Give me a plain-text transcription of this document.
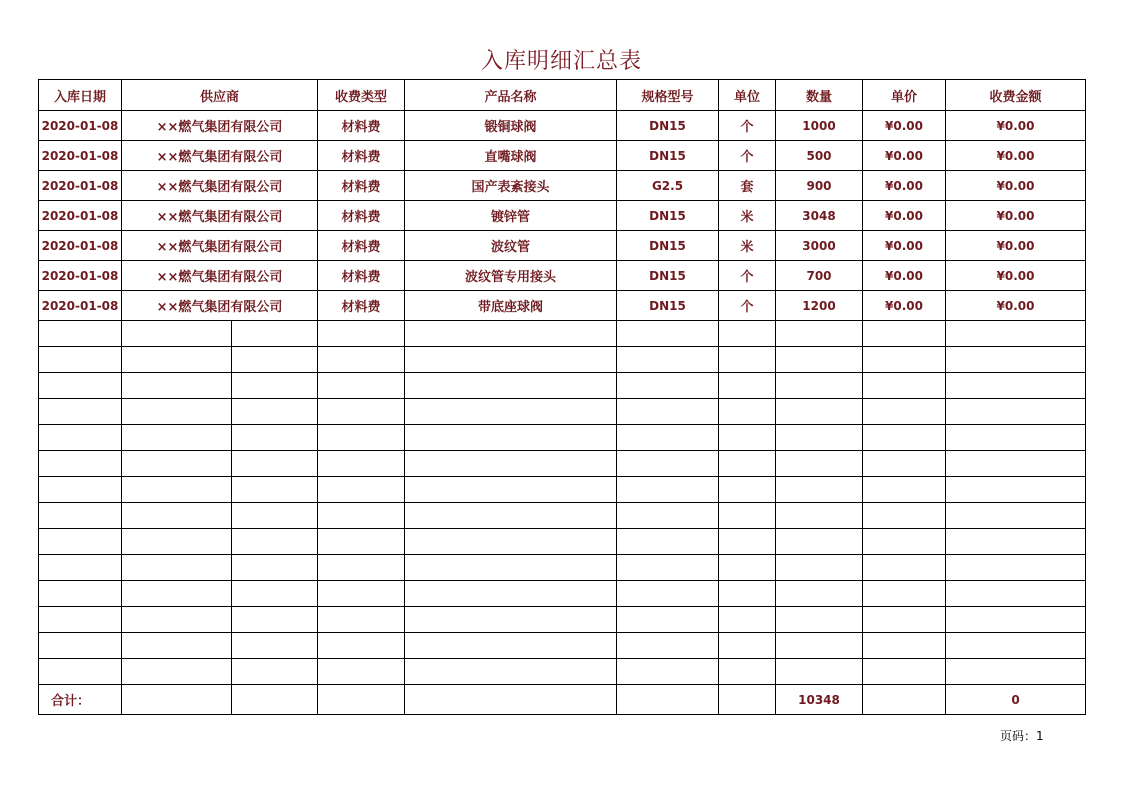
入库明细汇总表
入库日期	供应商		收费类型	产品名称	规格型号	单位	数量	单价	收费金额
2020-01-08	××燃气集团有限公司		材料费	锻铜球阀	DN15	个	1000	¥0.00	¥0.00
2020-01-08	××燃气集团有限公司		材料费	直嘴球阀	DN15	个	500	¥0.00	¥0.00
2020-01-08	××燃气集团有限公司		材料费	国产表紊接头	G2.5	套	900	¥0.00	¥0.00
2020-01-08	××燃气集团有限公司		材料费	镀锌管	DN15	米	3048	¥0.00	¥0.00
2020-01-08	××燃气集团有限公司		材料费	波纹管	DN15	米	3000	¥0.00	¥0.00
2020-01-08	××燃气集团有限公司		材料费	波纹管专用接头	DN15	个	700	¥0.00	¥0.00
2020-01-08	××燃气集团有限公司		材料费	带底座球阀	DN15	个	1200	¥0.00	¥0.00

合计：							10348		0
页码：1
